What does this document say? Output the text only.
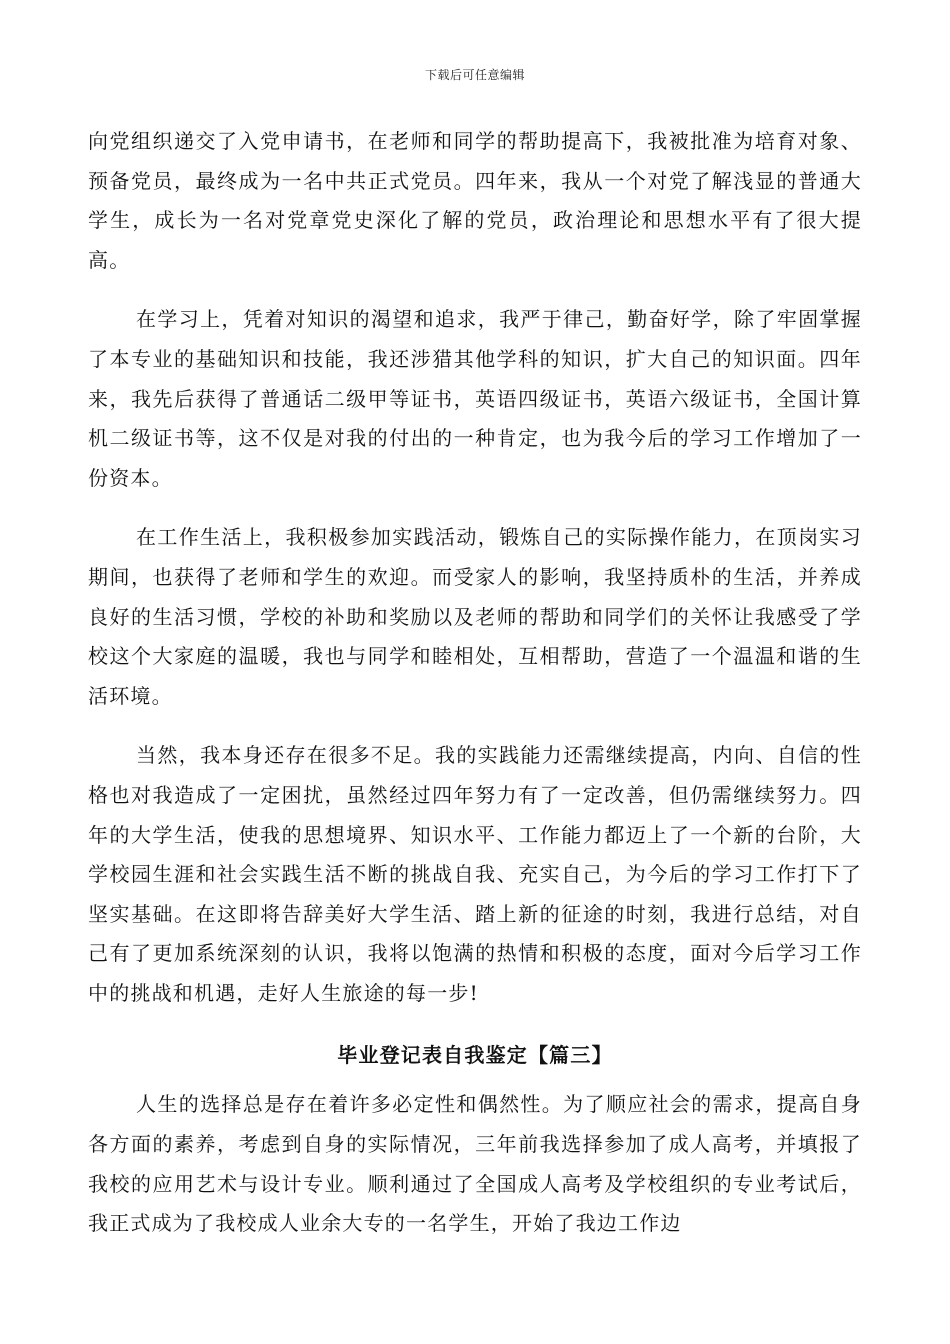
下载后可任意编辑

向党组织递交了入党申请书，在老师和同学的帮助提高下，我被批准为培育对象、预备党员，最终成为一名中共正式党员。四年来，我从一个对党了解浅显的普通大学生，成长为一名对党章党史深化了解的党员，政治理论和思想水平有了很大提高。

在学习上，凭着对知识的渴望和追求，我严于律己，勤奋好学，除了牢固掌握了本专业的基础知识和技能，我还涉猎其他学科的知识，扩大自己的知识面。四年来，我先后获得了普通话二级甲等证书，英语四级证书，英语六级证书，全国计算机二级证书等，这不仅是对我的付出的一种肯定，也为我今后的学习工作增加了一份资本。

在工作生活上，我积极参加实践活动，锻炼自己的实际操作能力，在顶岗实习期间，也获得了老师和学生的欢迎。而受家人的影响，我坚持质朴的生活，并养成良好的生活习惯，学校的补助和奖励以及老师的帮助和同学们的关怀让我感受了学校这个大家庭的温暖，我也与同学和睦相处，互相帮助，营造了一个温温和谐的生活环境。

当然，我本身还存在很多不足。我的实践能力还需继续提高，内向、自信的性格也对我造成了一定困扰，虽然经过四年努力有了一定改善，但仍需继续努力。四年的大学生活，使我的思想境界、知识水平、工作能力都迈上了一个新的台阶，大学校园生涯和社会实践生活不断的挑战自我、充实自己，为今后的学习工作打下了坚实基础。在这即将告辞美好大学生活、踏上新的征途的时刻，我进行总结，对自己有了更加系统深刻的认识，我将以饱满的热情和积极的态度，面对今后学习工作中的挑战和机遇，走好人生旅途的每一步!

毕业登记表自我鉴定【篇三】

人生的选择总是存在着许多必定性和偶然性。为了顺应社会的需求，提高自身各方面的素养，考虑到自身的实际情况，三年前我选择参加了成人高考，并填报了我校的应用艺术与设计专业。顺利通过了全国成人高考及学校组织的专业考试后，我正式成为了我校成人业余大专的一名学生，开始了我边工作边
